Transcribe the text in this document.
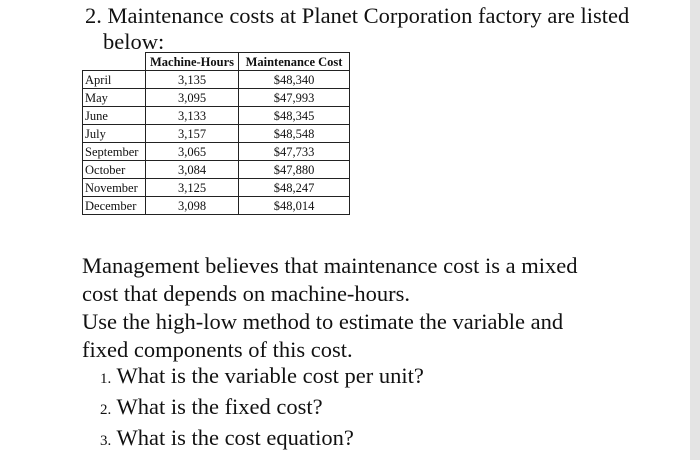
2. Maintenance costs at Planet Corporation factory are listed
below:
	Machine-Hours	Maintenance Cost
April	3,135	$48,340
May	3,095	$47,993
June	3,133	$48,345
July	3,157	$48,548
September	3,065	$47,733
October	3,084	$47,880
November	3,125	$48,247
December	3,098	$48,014

Management believes that maintenance cost is a mixed

cost that depends on machine-hours.

Use the high-low method to estimate the variable and

fixed components of this cost.

1. What is the variable cost per unit?
2. What is the fixed cost?
3. What is the cost equation?
